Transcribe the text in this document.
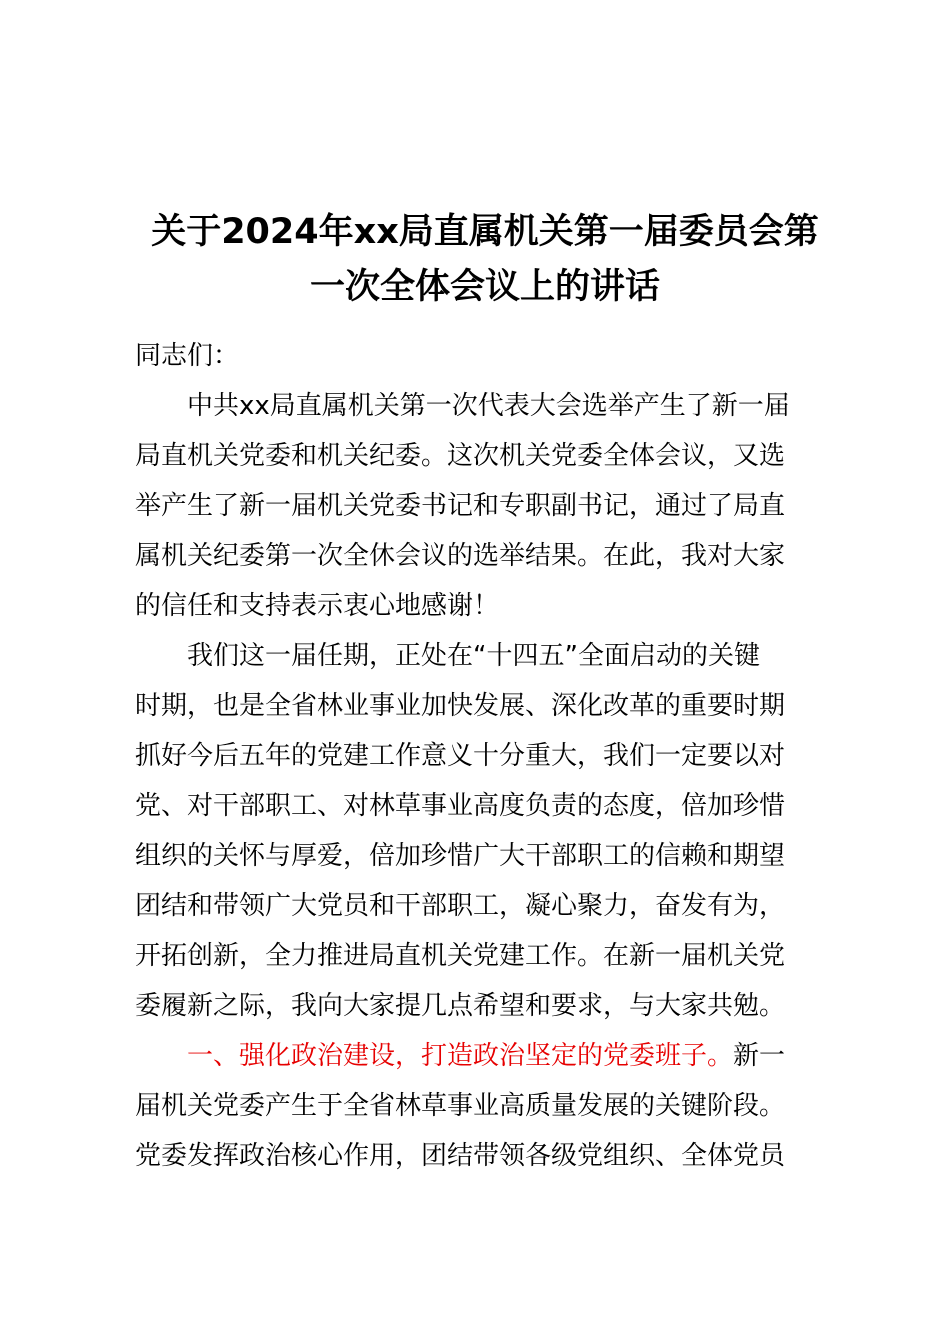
关于2024年xx局直属机关第一届委员会第
一次全体会议上的讲话
同志们：
中共xx局直属机关第一次代表大会选举产生了新一届
局直机关党委和机关纪委。这次机关党委全体会议，又选
举产生了新一届机关党委书记和专职副书记，通过了局直
属机关纪委第一次全休会议的选举结果。在此，我对大家
的信任和支持表示衷心地感谢！
我们这一届任期，正处在“十四五”全面启动的关键
时期，也是全省林业事业加快发展、深化改革的重要时期
抓好今后五年的党建工作意义十分重大，我们一定要以对
党、对干部职工、对林草事业高度负责的态度，倍加珍惜
组织的关怀与厚爱，倍加珍惜广大干部职工的信赖和期望
团结和带领广大党员和干部职工，凝心聚力，奋发有为，
开拓创新，全力推进局直机关党建工作。在新一届机关党
委履新之际，我向大家提几点希望和要求，与大家共勉。
一、强化政治建设，打造政治坚定的党委班子。新一
届机关党委产生于全省林草事业高质量发展的关键阶段。
党委发挥政治核心作用，团结带领各级党组织、全体党员
